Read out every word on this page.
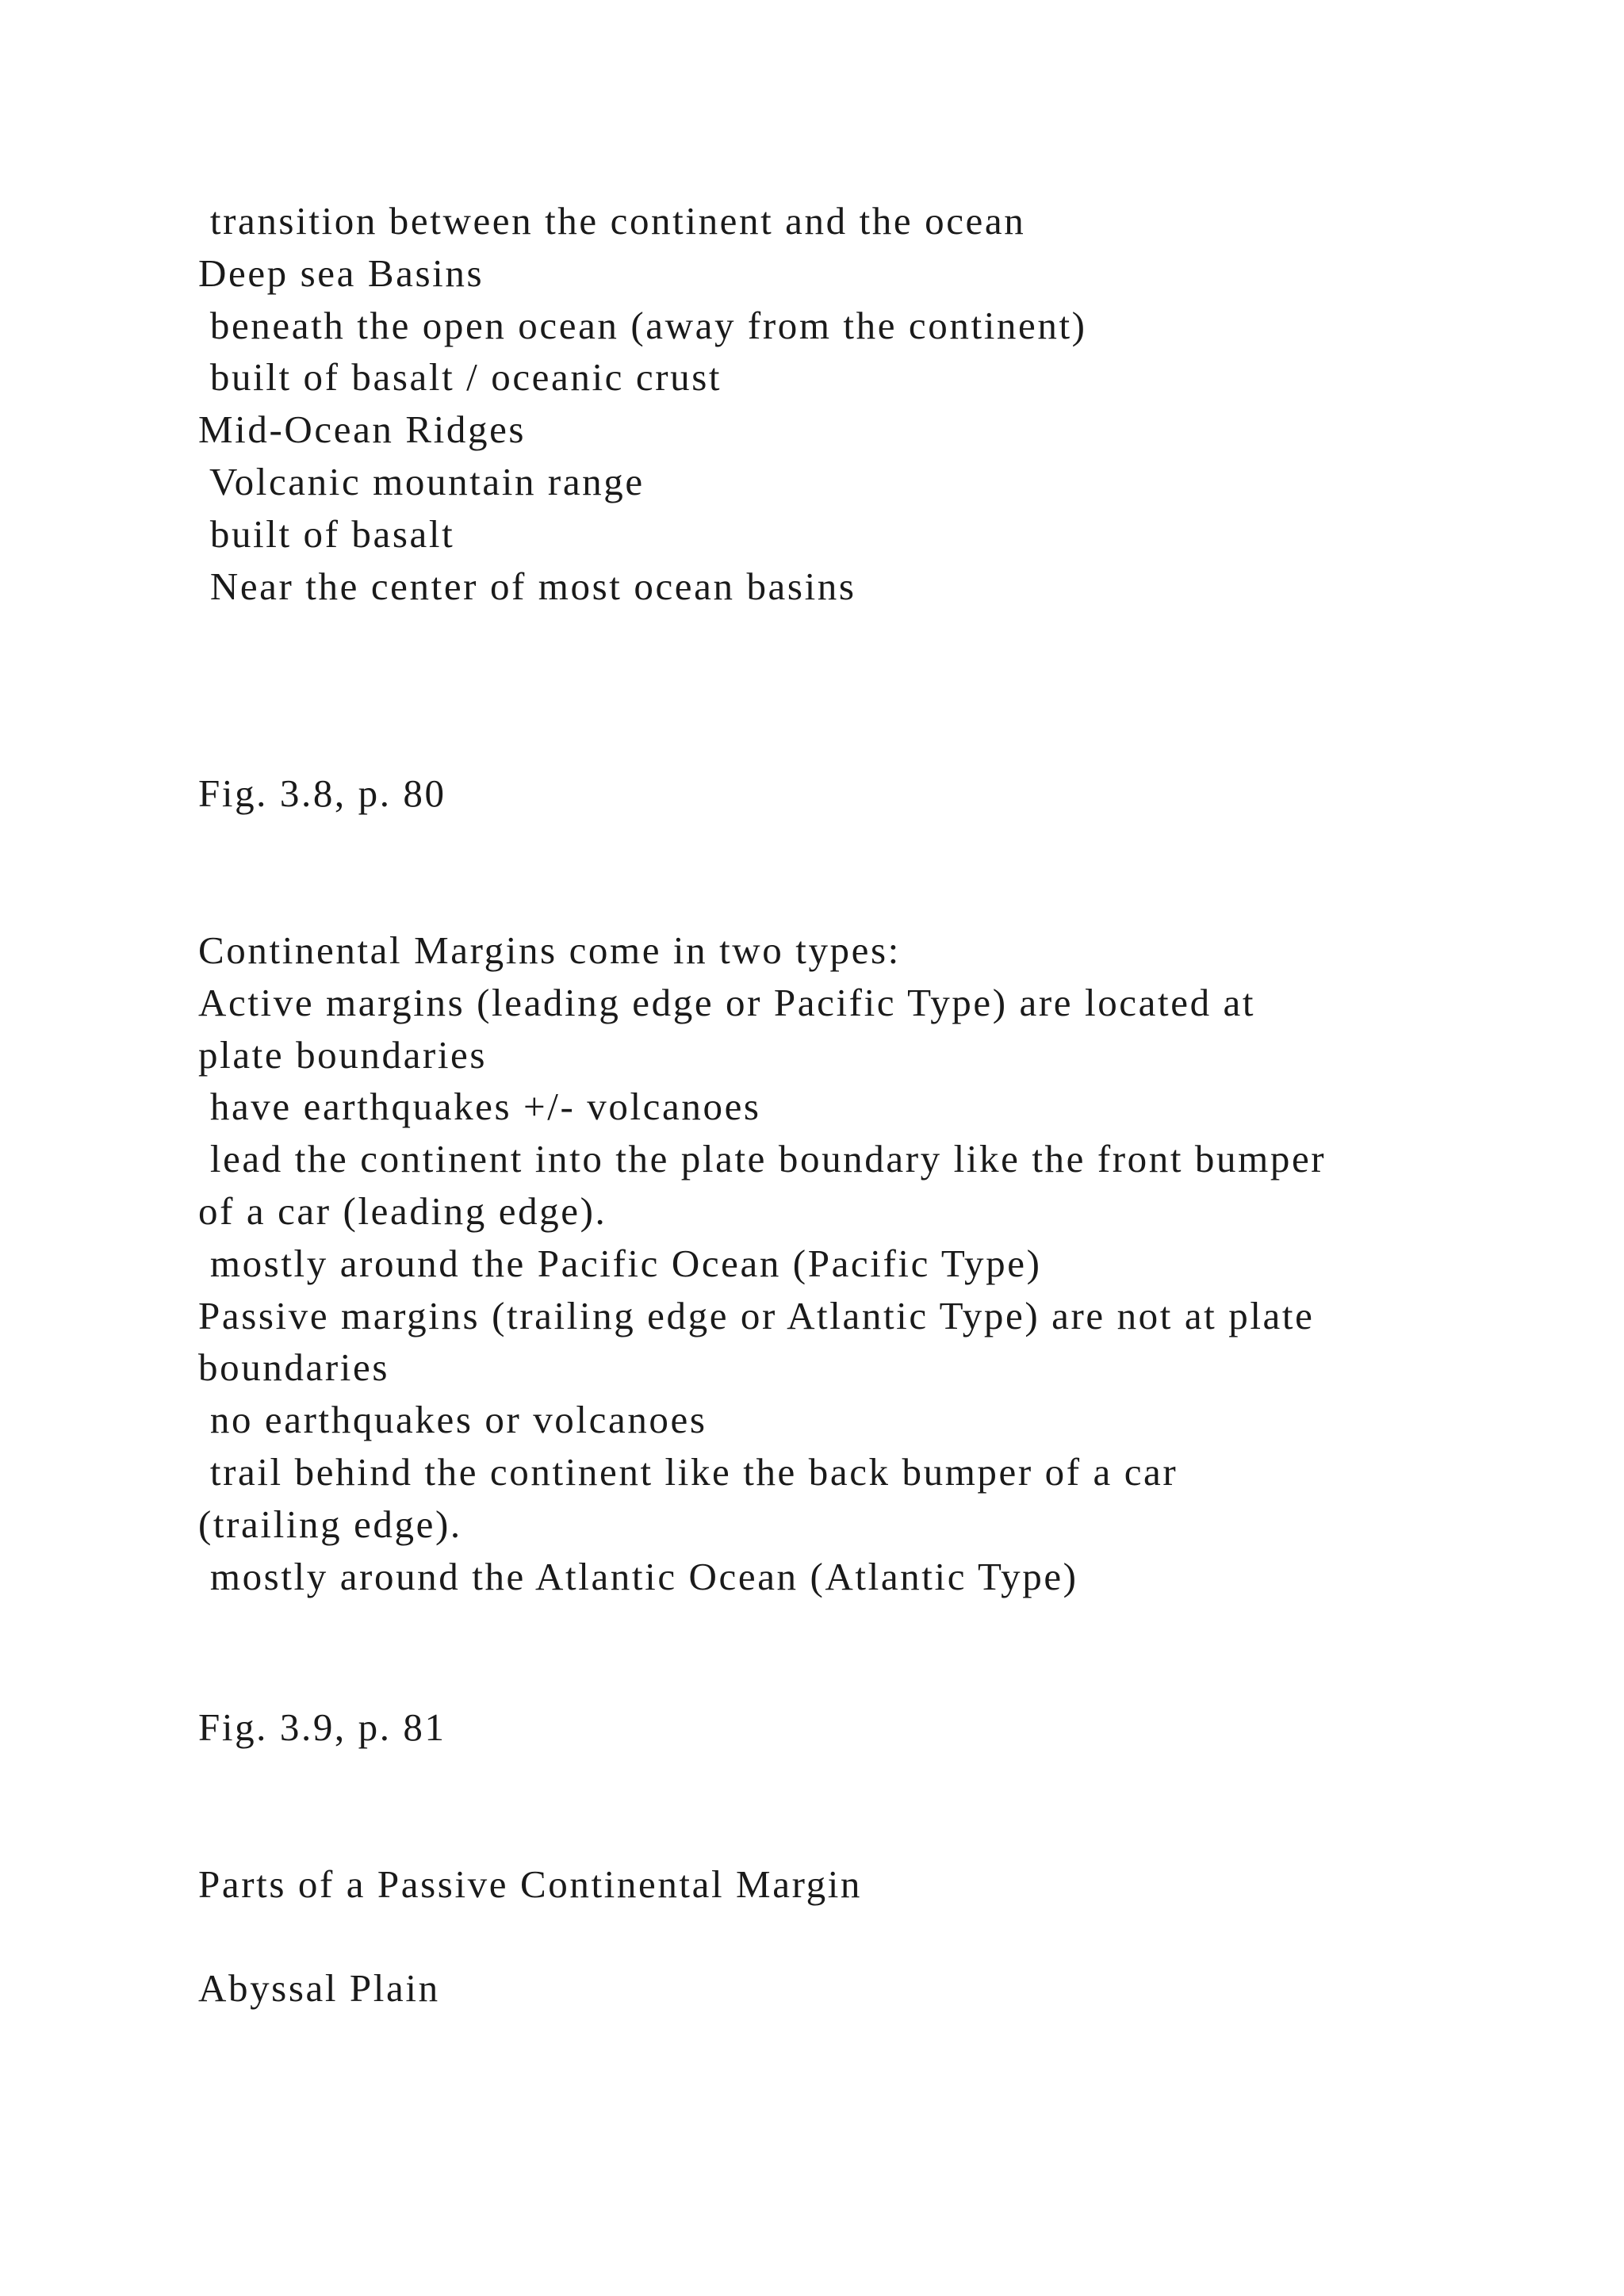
transition between the continent and the ocean
Deep sea Basins
beneath the open ocean (away from the continent)
built of basalt / oceanic crust
Mid-Ocean Ridges
Volcanic mountain range
built of basalt
Near the center of most ocean basins
Fig. 3.8, p. 80
Continental Margins come in two types:
Active margins (leading edge or Pacific Type) are located at
plate boundaries
have earthquakes +/- volcanoes
lead the continent into the plate boundary like the front bumper
of a car (leading edge).
mostly around the Pacific Ocean (Pacific Type)
Passive margins (trailing edge or Atlantic Type) are not at plate
boundaries
no earthquakes or volcanoes
trail behind the continent like the back bumper of a car
(trailing edge).
mostly around the Atlantic Ocean (Atlantic Type)
Fig. 3.9, p. 81
Parts of a Passive Continental Margin
Abyssal Plain
